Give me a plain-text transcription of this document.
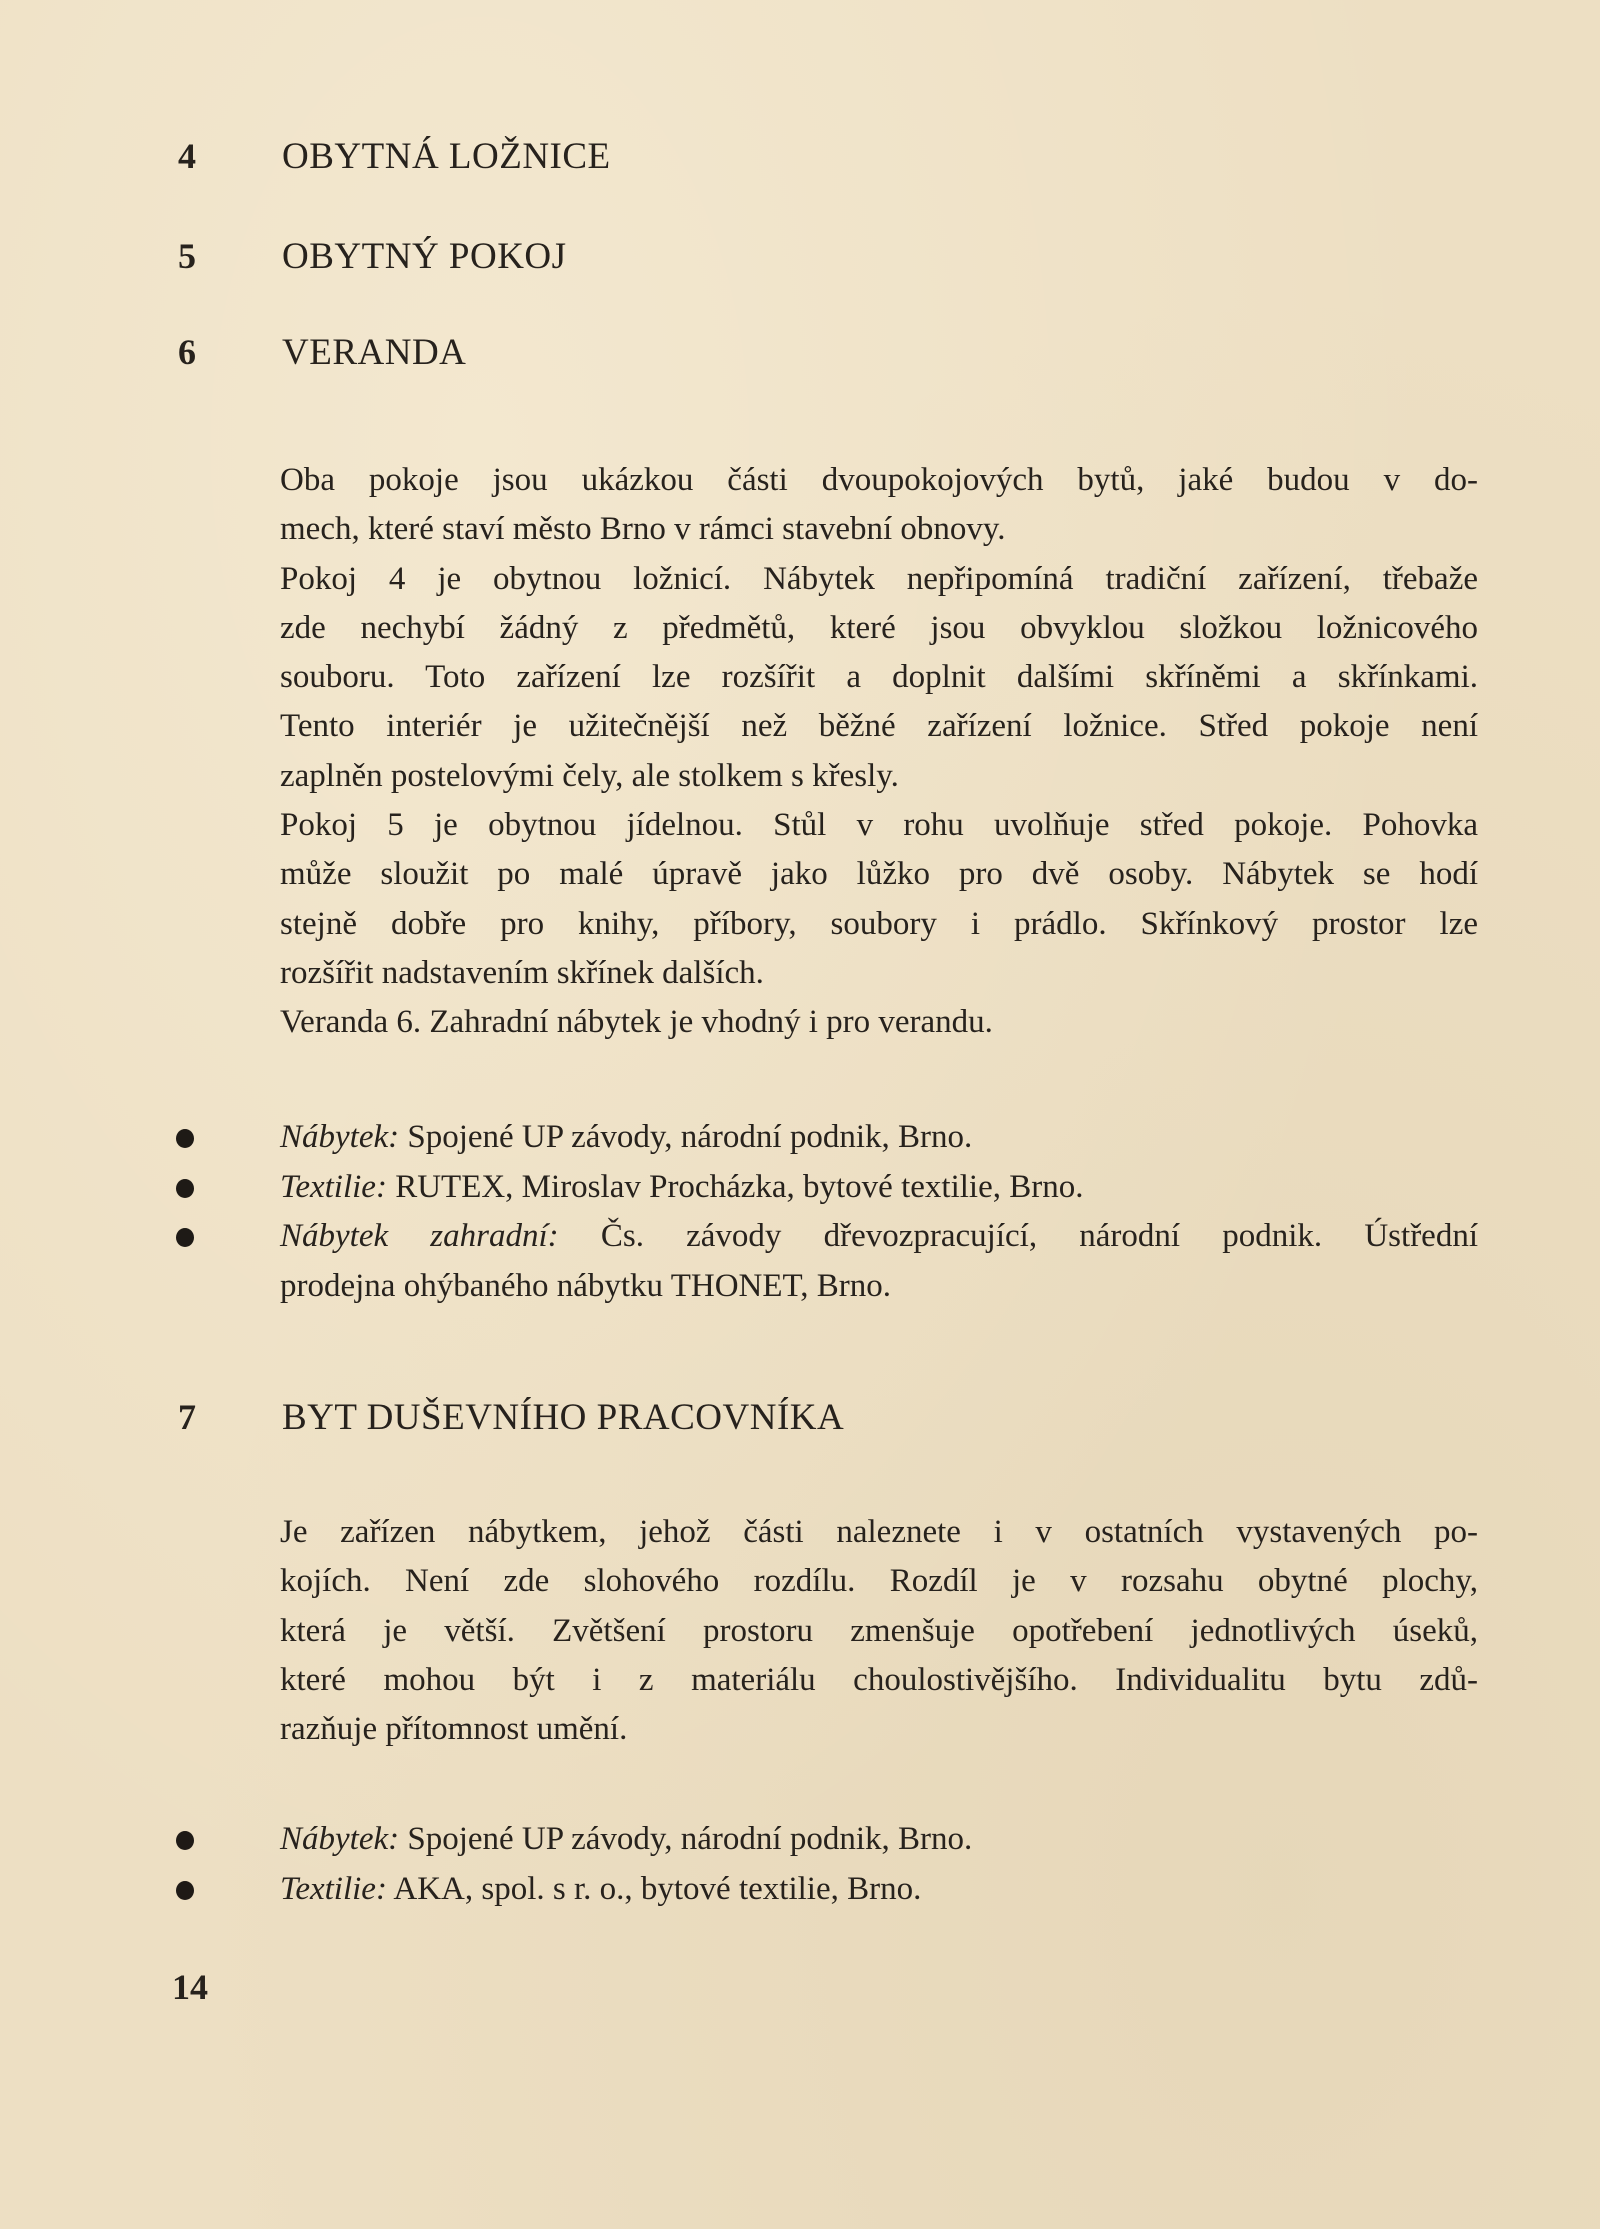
4 OBYTNÁ LOŽNICE
5 OBYTNÝ POKOJ
6 VERANDA
Oba pokoje jsou ukázkou části dvoupokojových bytů, jaké budou v do-
mech, které staví město Brno v rámci stavební obnovy.
Pokoj 4 je obytnou ložnicí. Nábytek nepřipomíná tradiční zařízení, třebaže
zde nechybí žádný z předmětů, které jsou obvyklou složkou ložnicového
souboru. Toto zařízení lze rozšířit a doplnit dalšími skříněmi a skřínkami.
Tento interiér je užitečnější než běžné zařízení ložnice. Střed pokoje není
zaplněn postelovými čely, ale stolkem s křesly.
Pokoj 5 je obytnou jídelnou. Stůl v rohu uvolňuje střed pokoje. Pohovka
může sloužit po malé úpravě jako lůžko pro dvě osoby. Nábytek se hodí
stejně dobře pro knihy, příbory, soubory i prádlo. Skřínkový prostor lze
rozšířit nadstavením skřínek dalších.
Veranda 6. Zahradní nábytek je vhodný i pro verandu.
Nábytek: Spojené UP závody, národní podnik, Brno.
Textilie: RUTEX, Miroslav Procházka, bytové textilie, Brno.
Nábytek zahradní: Čs. závody dřevozpracující, národní podnik. Ústřední
prodejna ohýbaného nábytku THONET, Brno.
7 BYT DUŠEVNÍHO PRACOVNÍKA
Je zařízen nábytkem, jehož části naleznete i v ostatních vystavených po-
kojích. Není zde slohového rozdílu. Rozdíl je v rozsahu obytné plochy,
která je větší. Zvětšení prostoru zmenšuje opotřebení jednotlivých úseků,
které mohou být i z materiálu choulostivějšího. Individualitu bytu zdů-
razňuje přítomnost umění.
Nábytek: Spojené UP závody, národní podnik, Brno.
Textilie: AKA, spol. s r. o., bytové textilie, Brno.
14
